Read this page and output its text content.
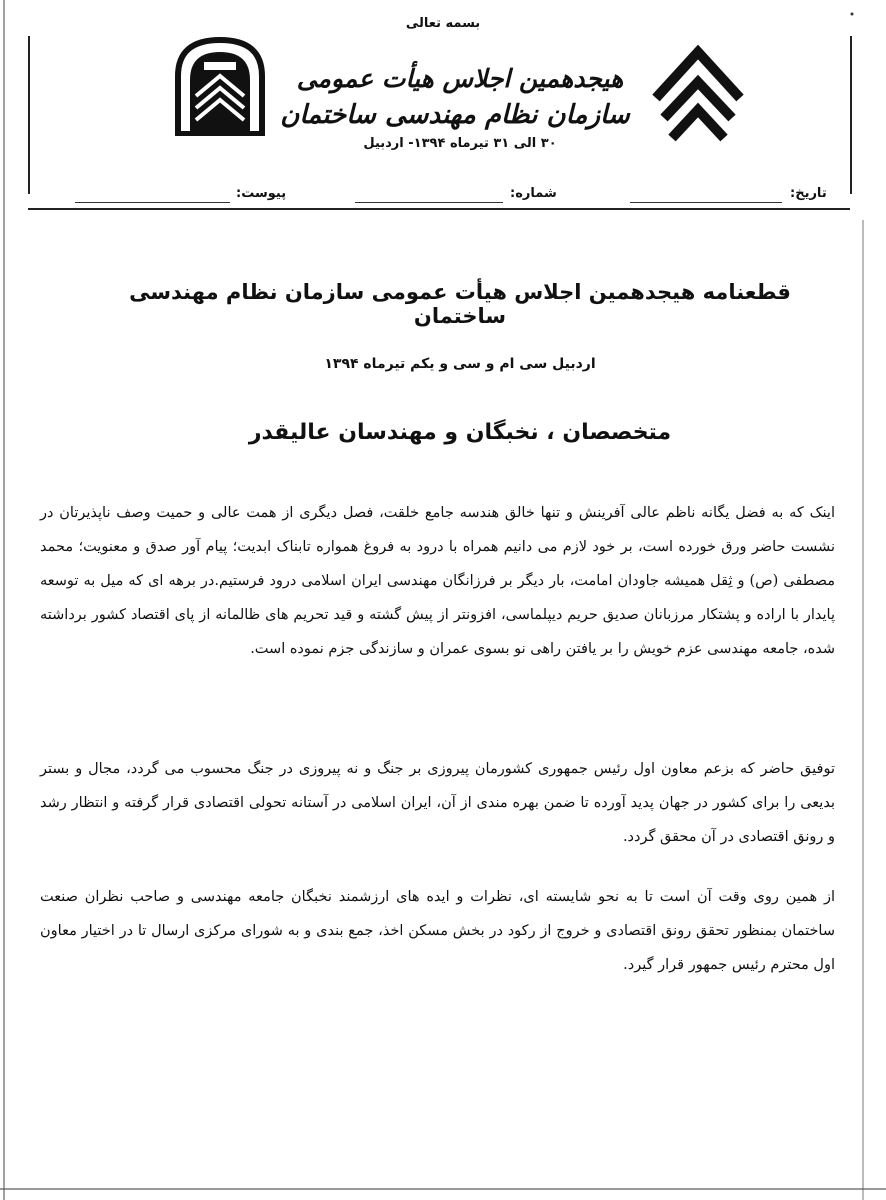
بسمه تعالی
هیجدهمین اجلاس هیأت عمومی
سازمان نظام مهندسی ساختمان
۳۰ الی ۳۱ تیرماه ۱۳۹۴- اردبیل
تاریخ:
شماره:
پیوست:
قطعنامه هیجدهمین اجلاس هیأت عمومی سازمان نظام مهندسی ساختمان
اردبیل سی ام و سی و یکم تیرماه ۱۳۹۴
متخصصان ، نخبگان و مهندسان عالیقدر
اینک که به فضل یگانه ناظم عالی آفرینش و تنها خالق هندسه جامع خلقت، فصل دیگری از همت عالی و حمیت وصف ناپذیرتان در نشست حاضر ورق خورده است، بر خود لازم می دانیم همراه با درود به فروغ همواره تابناک ابدیت؛ پیام آور صدق و معنویت؛ محمد مصطفی (ص) و ثِقل همیشه جاودان امامت، بار دیگر بر فرزانگان مهندسی ایران اسلامی درود فرستیم.در برهه ای که میل به توسعه پایدار با اراده و پشتکار مرزبانان صدیق حریم دیپلماسی، افزونتر از پیش گشته و قید تحریم های ظالمانه از پای اقتصاد کشور برداشته شده، جامعه مهندسی عزم خویش را بر یافتن راهی نو بسوی عمران و سازندگی جزم نموده است.
توفیق حاضر که بزعم معاون اول رئیس جمهوری کشورمان پیروزی بر جنگ و نه پیروزی در جنگ محسوب می گردد، مجال و بستر بدیعی را برای کشور در جهان پدید آورده تا ضمن بهره مندی از آن، ایران اسلامی در آستانه تحولی اقتصادی قرار گرفته و انتظار رشد و رونق اقتصادی در آن محقق گردد.
از همین روی وقت آن است تا به نحو شایسته ای، نظرات و ایده های ارزشمند نخبگان جامعه مهندسی و صاحب نظران صنعت ساختمان بمنظور تحقق رونق اقتصادی و خروج از رکود در بخش مسکن اخذ، جمع بندی و به شورای مرکزی ارسال تا در اختیار معاون اول محترم رئیس جمهور قرار گیرد.
